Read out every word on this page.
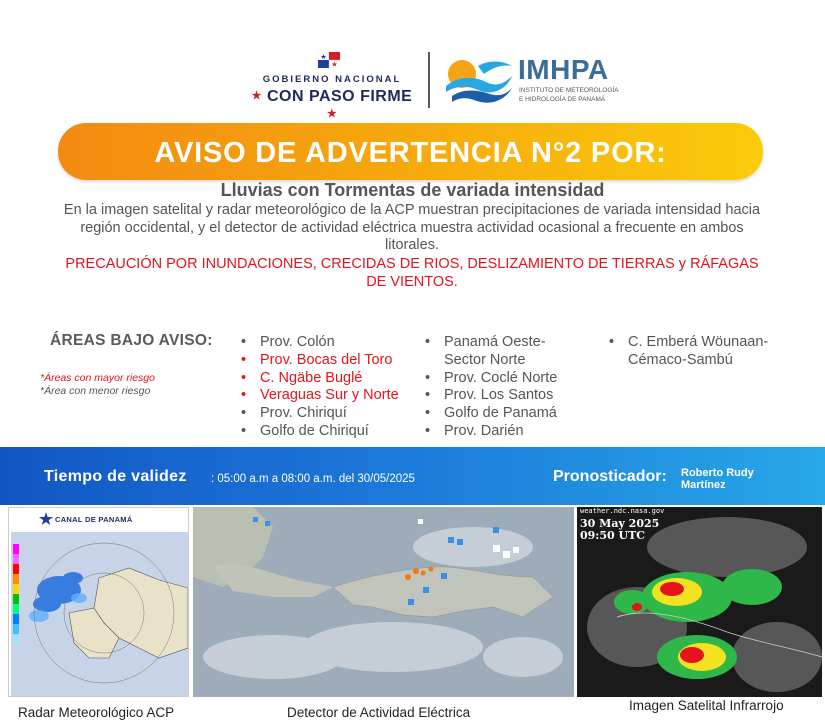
GOBIERNO NACIONAL
★ CON PASO FIRME ★
IMHPA
INSTITUTO DE METEOROLOGÍA
E HIDROLOGÍA DE PANAMÁ
AVISO DE ADVERTENCIA N°2 POR:
Lluvias con Tormentas de variada intensidad
En la imagen satelital y radar meteorológico de la ACP muestran precipitaciones de variada intensidad hacia región occidental, y el detector de actividad eléctrica muestra actividad ocasional a frecuente en ambos litorales.
PRECAUCIÓN POR INUNDACIONES, CRECIDAS DE RIOS, DESLIZAMIENTO DE TIERRAS y RÁFAGAS DE VIENTOS.
ÁREAS BAJO AVISO:
*Áreas con mayor riesgo
*Área con menor riesgo
• Prov. Colón
• Prov. Bocas del Toro
• C. Ngäbe Buglé
• Veraguas Sur y Norte
• Prov. Chiriquí
• Golfo de Chiriquí
• Panamá Oeste-
Sector Norte
• Prov. Coclé Norte
• Prov. Los Santos
• Golfo de Panamá
• Prov. Darién
• C. Emberá Wöunaan-
Cémaco-Sambú
Tiempo de validez : 05:00 a.m a 08:00 a.m. del 30/05/2025	Pronosticador: Roberto Rudy
Martínez
CANAL DE PANAMÁ
weather.ndc.nasa.gov
30 May 2025
09:50 UTC
Radar Meteorológico ACP	Detector de Actividad Eléctrica	Imagen Satelital Infrarrojo
